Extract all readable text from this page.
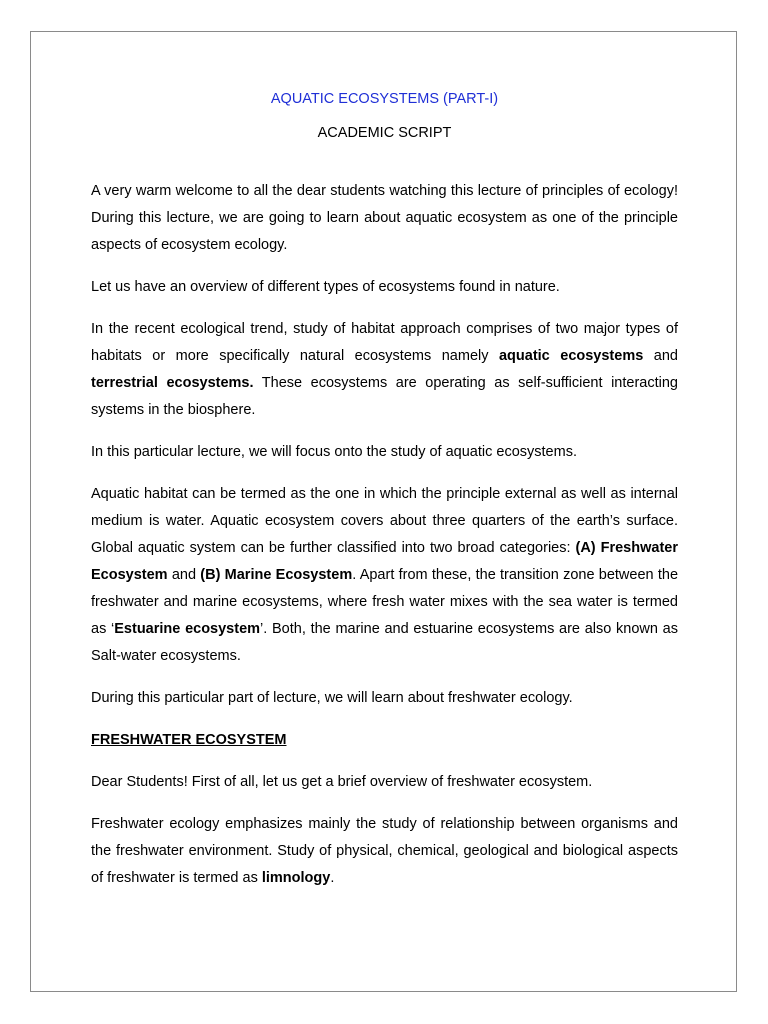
AQUATIC ECOSYSTEMS (PART-I)

ACADEMIC SCRIPT

A very warm welcome to all the dear students watching this lecture of principles of ecology! During this lecture, we are going to learn about aquatic ecosystem as one of the principle aspects of ecosystem ecology.

Let us have an overview of different types of ecosystems found in nature.

In the recent ecological trend, study of habitat approach comprises of two major types of habitats or more specifically natural ecosystems namely aquatic ecosystems and terrestrial ecosystems. These ecosystems are operating as self-sufficient interacting systems in the biosphere.

In this particular lecture, we will focus onto the study of aquatic ecosystems.

Aquatic habitat can be termed as the one in which the principle external as well as internal medium is water. Aquatic ecosystem covers about three quarters of the earth’s surface. Global aquatic system can be further classified into two broad categories: (A) Freshwater Ecosystem and (B) Marine Ecosystem. Apart from these, the transition zone between the freshwater and marine ecosystems, where fresh water mixes with the sea water is termed as ‘Estuarine ecosystem’. Both, the marine and estuarine ecosystems are also known as Salt-water ecosystems.

During this particular part of lecture, we will learn about freshwater ecology.

FRESHWATER ECOSYSTEM

Dear Students! First of all, let us get a brief overview of freshwater ecosystem.

Freshwater ecology emphasizes mainly the study of relationship between organisms and the freshwater environment. Study of physical, chemical, geological and biological aspects of freshwater is termed as limnology.
